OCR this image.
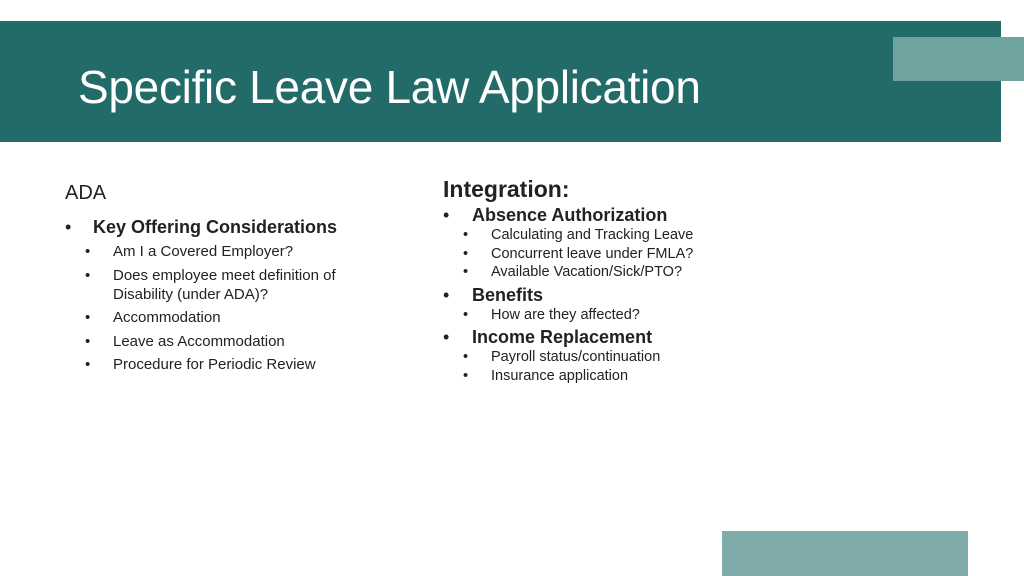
Specific Leave Law Application
ADA
• Key Offering Considerations
• Am I a Covered Employer?
• Does employee meet definition of Disability (under ADA)?
• Accommodation
• Leave as Accommodation
• Procedure for Periodic Review
Integration:
• Absence Authorization
• Calculating and Tracking Leave
• Concurrent leave under FMLA?
• Available Vacation/Sick/PTO?
• Benefits
• How are they affected?
• Income Replacement
• Payroll status/continuation
• Insurance application
